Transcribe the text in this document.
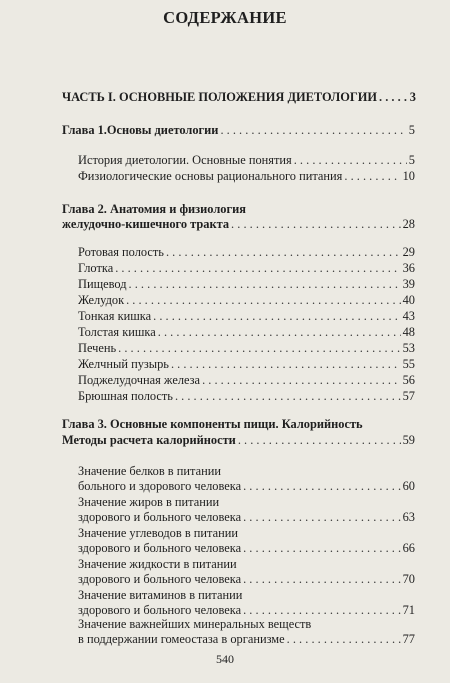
СОДЕРЖАНИЕ
ЧАСТЬ I. ОСНОВНЫЕ ПОЛОЖЕНИЯ ДИЕТОЛОГИИ . . .	3
Глава 1.Основы диетологии . . .	5
История диетологии. Основные понятия . . .	5
Физиологические основы рационального питания . . .	10
Глава 2. Анатомия и физиология
желудочно-кишечного тракта . . .	28
Ротовая полость . . .	29
Глотка . . .	36
Пищевод . . .	39
Желудок . . .	40
Тонкая кишка . . .	43
Толстая кишка . . .	48
Печень . . .	53
Желчный пузырь . . .	55
Поджелудочная железа . . .	56
Брюшная полость . . .	57
Глава 3. Основные компоненты пищи. Калорийность
Методы расчета калорийности . . .	59
Значение белков в питании
больного и здорового человека . . .	60
Значение жиров в питании
здорового и больного человека . . .	63
Значение углеводов в питании
здорового и больного человека . . .	66
Значение жидкости в питании
здорового и больного человека . . .	70
Значение витаминов в питании
здорового и больного человека . . .	71
Значение важнейших минеральных веществ
в поддержании гомеостаза в организме . . .	77
540
